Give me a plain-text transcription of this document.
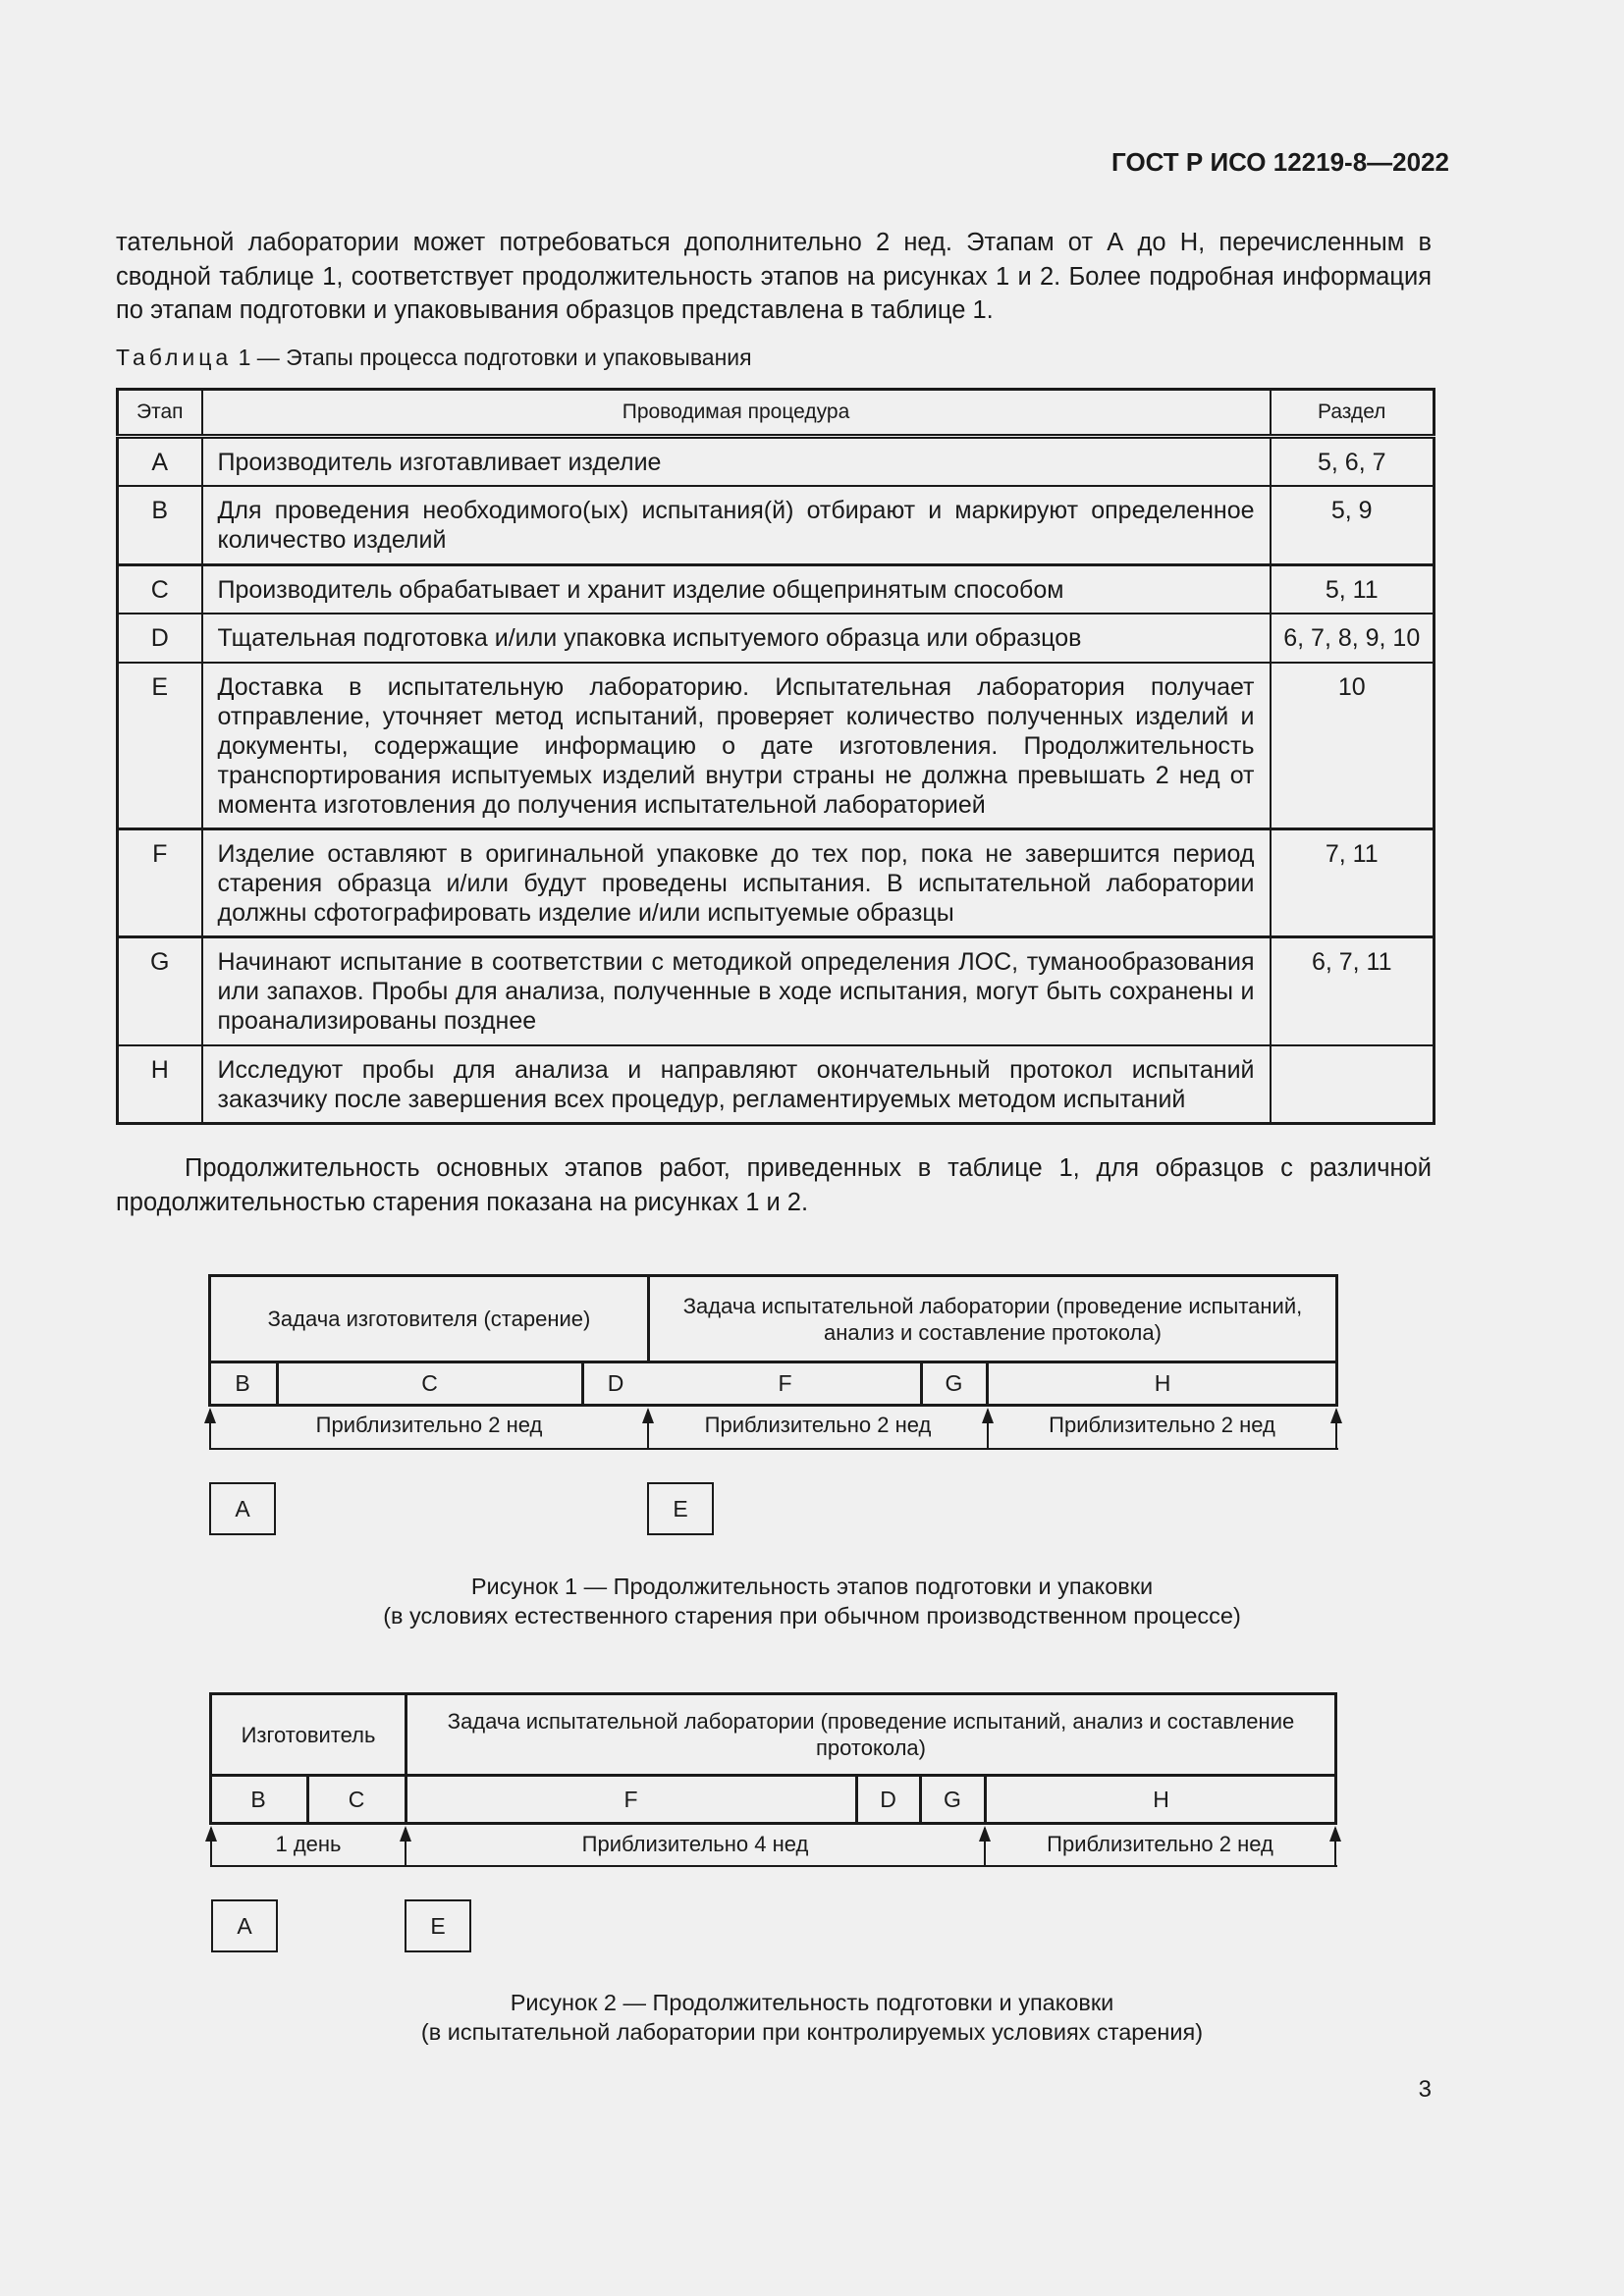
ГОСТ Р ИСО 12219-8—2022
тательной лаборатории может потребоваться дополнительно 2 нед. Этапам от А до Н, перечисленным в сводной таблице 1, соответствует продолжительность этапов на рисунках 1 и 2. Более подробная информация по этапам подготовки и упаковывания образцов представлена в таблице 1.
Таблица 1 — Этапы процесса подготовки и упаковывания
Этап	Проводимая процедура	Раздел
A	Производитель изготавливает изделие	5, 6, 7
B	Для проведения необходимого(ых) испытания(й) отбирают и маркируют определенное количество изделий	5, 9
C	Производитель обрабатывает и хранит изделие общепринятым способом	5, 11
D	Тщательная подготовка и/или упаковка испытуемого образца или образцов	6, 7, 8, 9, 10
E	Доставка в испытательную лабораторию. Испытательная лаборатория получает отправление, уточняет метод испытаний, проверяет количество полученных изделий и документы, содержащие информацию о дате изготовления. Продолжительность транспортирования испытуемых изделий внутри страны не должна превышать 2 нед от момента изготовления до получения испытательной лабораторией	10
F	Изделие оставляют в оригинальной упаковке до тех пор, пока не завершится период старения образца и/или будут проведены испытания. В испытательной лаборатории должны сфотографировать изделие и/или испытуемые образцы	7, 11
G	Начинают испытание в соответствии с методикой определения ЛОС, туманообразования или запахов. Пробы для анализа, полученные в ходе испытания, могут быть сохранены и проанализированы позднее	6, 7, 11
H	Исследуют пробы для анализа и направляют окончательный протокол испытаний заказчику после завершения всех процедур, регламентируемых методом испытаний	
Продолжительность основных этапов работ, приведенных в таблице 1, для образцов с различной продолжительностью старения показана на рисунках 1 и 2.
Задача изготовителя (старение)
Задача испытательной лаборатории (проведение испытаний, анализ и составление протокола)
B	C	D	F	G	H
Приблизительно 2 нед	Приблизительно 2 нед	Приблизительно 2 нед
A	E
Рисунок 1 — Продолжительность этапов подготовки и упаковки
(в условиях естественного старения при обычном производственном процессе)
Изготовитель
Задача испытательной лаборатории (проведение испытаний, анализ и составление протокола)
B	C	F	D	G	H
1 день	Приблизительно 4 нед	Приблизительно 2 нед
A	E
Рисунок 2 — Продолжительность подготовки и упаковки
(в испытательной лаборатории при контролируемых условиях старения)
3
